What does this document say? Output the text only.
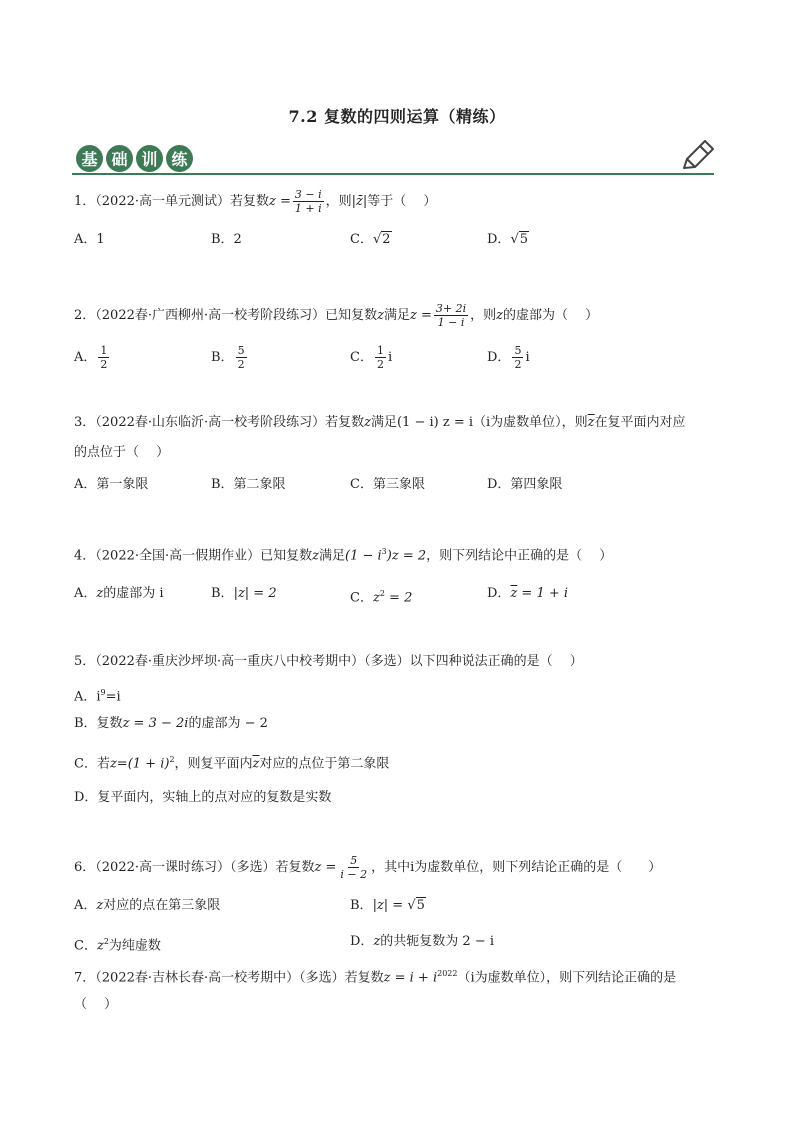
7.2 复数的四则运算（精练）
基 础 训 练
1．（2022·高一单元测试）若复数$z = \frac{3 - i}{1 + i}$ ，则|z̄|等于（　 ）
A．1	B．2	C．√2	D．√5
2．（2022春·广西柳州·高一校考阶段练习）已知复数z满足$z = \frac{3+ 2i}{1 - i}$ ，则z的虚部为（　 ）
A． $\frac{1}{2}$	B． $\frac{5}{2}$	C． $\frac{1}{2}$ i	D． $\frac{5}{2}$ i
3．（2022春·山东临沂·高一校考阶段练习）若复数z满足(1 − i) z = i（i为虚数单位），则$\overline{z}$在复平面内对应
的点位于（　 ）
A．第一象限	B．第二象限	C．第三象限	D．第四象限
4．（2022·全国·高一假期作业）已知复数z满足$(1 - i^3)z = 2$，则下列结论中正确的是（　 ）
A．z的虚部为 i	B．|z| = 2	C．$z^2 = 2$	D．$\overline{z} = 1 + i$
5．（2022春·重庆沙坪坝·高一重庆八中校考期中）（多选）以下四种说法正确的是（　 ）
A．$i^9=i$
B．复数z = 3 − 2i的虚部为 − 2
C．若$z=(1 + i)^2$，则复平面内$\overline{z}$对应的点位于第二象限
D．复平面内，实轴上的点对应的复数是实数
6．（2022·高一课时练习）（多选）若复数$z = \frac{5}{i - 2}$ ，其中i为虚数单位，则下列结论正确的是（　　）
A．z对应的点在第三象限	B．|z| = √5
C．$z^2$为纯虚数	D．z的共轭复数为 2 − i
7．（2022春·吉林长春·高一校考期中）（多选）若复数$z = i + i^{2022}(i$为虚数单位），则下列结论正确的是
（　 ）
